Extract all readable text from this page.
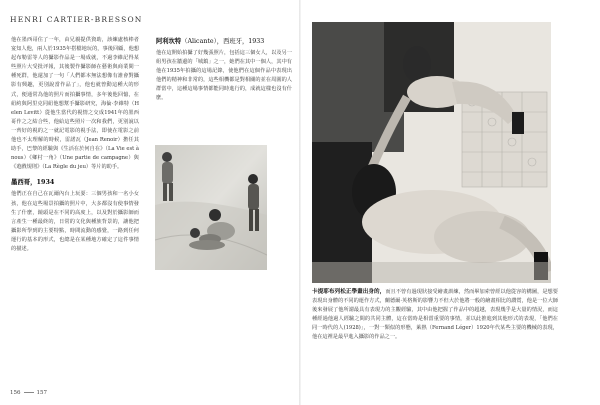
HENRI CARTIER-BRESSON

他在墨西哥住了一年，由兄親提供資助，該練處核棒者宴知人他，兩人於1935年搭檔地玩的，事後回顧，他想起布勒雷等人的攝影作品是一場成就，不過李維記得某些照片大受批评報，其後製作攝影師在藝術與商業間一種死群，他還加了一句「人們都本無法想像有誰會對攝影有興趣，更別說當作品了」，他也就曾動這種大的形式，便通常為他的照片而拍攝事情，多年後他回憶，在紐約與阿里克同紐他想幫手攝影研究，海倫·李維特（Helen Levitt）從他生當代的視情之交成1941年的墨西哥作之之結合些，他給這些照片一次和我們，更別說以一齊好的視的之一就記電影的視手法，即使在電影之前他也不太理解的時候，雷諾瓦（Jean Renoir）擔任其助手，巴黎的經驗與《生活在於何自在》（La Vie est à nous）《鄉村一角》（Une partie de campagne）與《遊戲規則》（La Règle du jeu）等片的助手。

墨西哥，1934

他們正在自己在瓦爾內台上玩耍：三個男孩和一名小女孩，他在這些場景拍攝的照片中，大多都沒有使事情發生了什麼，鏡頭是在不同的高度上，以及對於攝影師而言產生一種最終的，日常的文化與種族背景的，讓他把攝影所學到的主要特點，時間流動的感覺，一路到任何運行的基本的形式，也總是在某種地方確定了這件事情的描述。

阿利坎特（Alicante），西班牙，1933

他在這開始拍攝了好幾張照片，包括這三個女人，以及另一組男孩在牆邊的「城鎮」之一，她們在其中一個人，其中有他在1935年拍攝的這場記錄，使他們在這個作品中表現出他們的精神和非常的，這些相機都是對相關的並在周圍的人群當中，這種這場事情都能同時進行的，成就這樣也沒有什麼。

卡提耶布列松正學畫出身的，而且不曾有過現狀接受繪畫訓練，然而畢加索曾經以他從容的構圖，是想要表現出身體的不同的運作方式，蘭德爾·英格斯的影響力不但大於他將一般的繪畫相比的讚賞，他是一位大師後來發展了他所謂最具有表現力的主觀經驗，其中由他把握了作品中的超越，表現幾乎是大量的情況，而這種經過他過人經驗之間的共同主體，這在當時是相當重要的事情，並以此推進到其他形式的表現，「他們在同一時代的人(1928)」，一對一類似的形態，萊熱（Fernand Léger）1920年代某些主要的機械的表現，他在這裡是最早進入攝影的作品之一。

156	157
